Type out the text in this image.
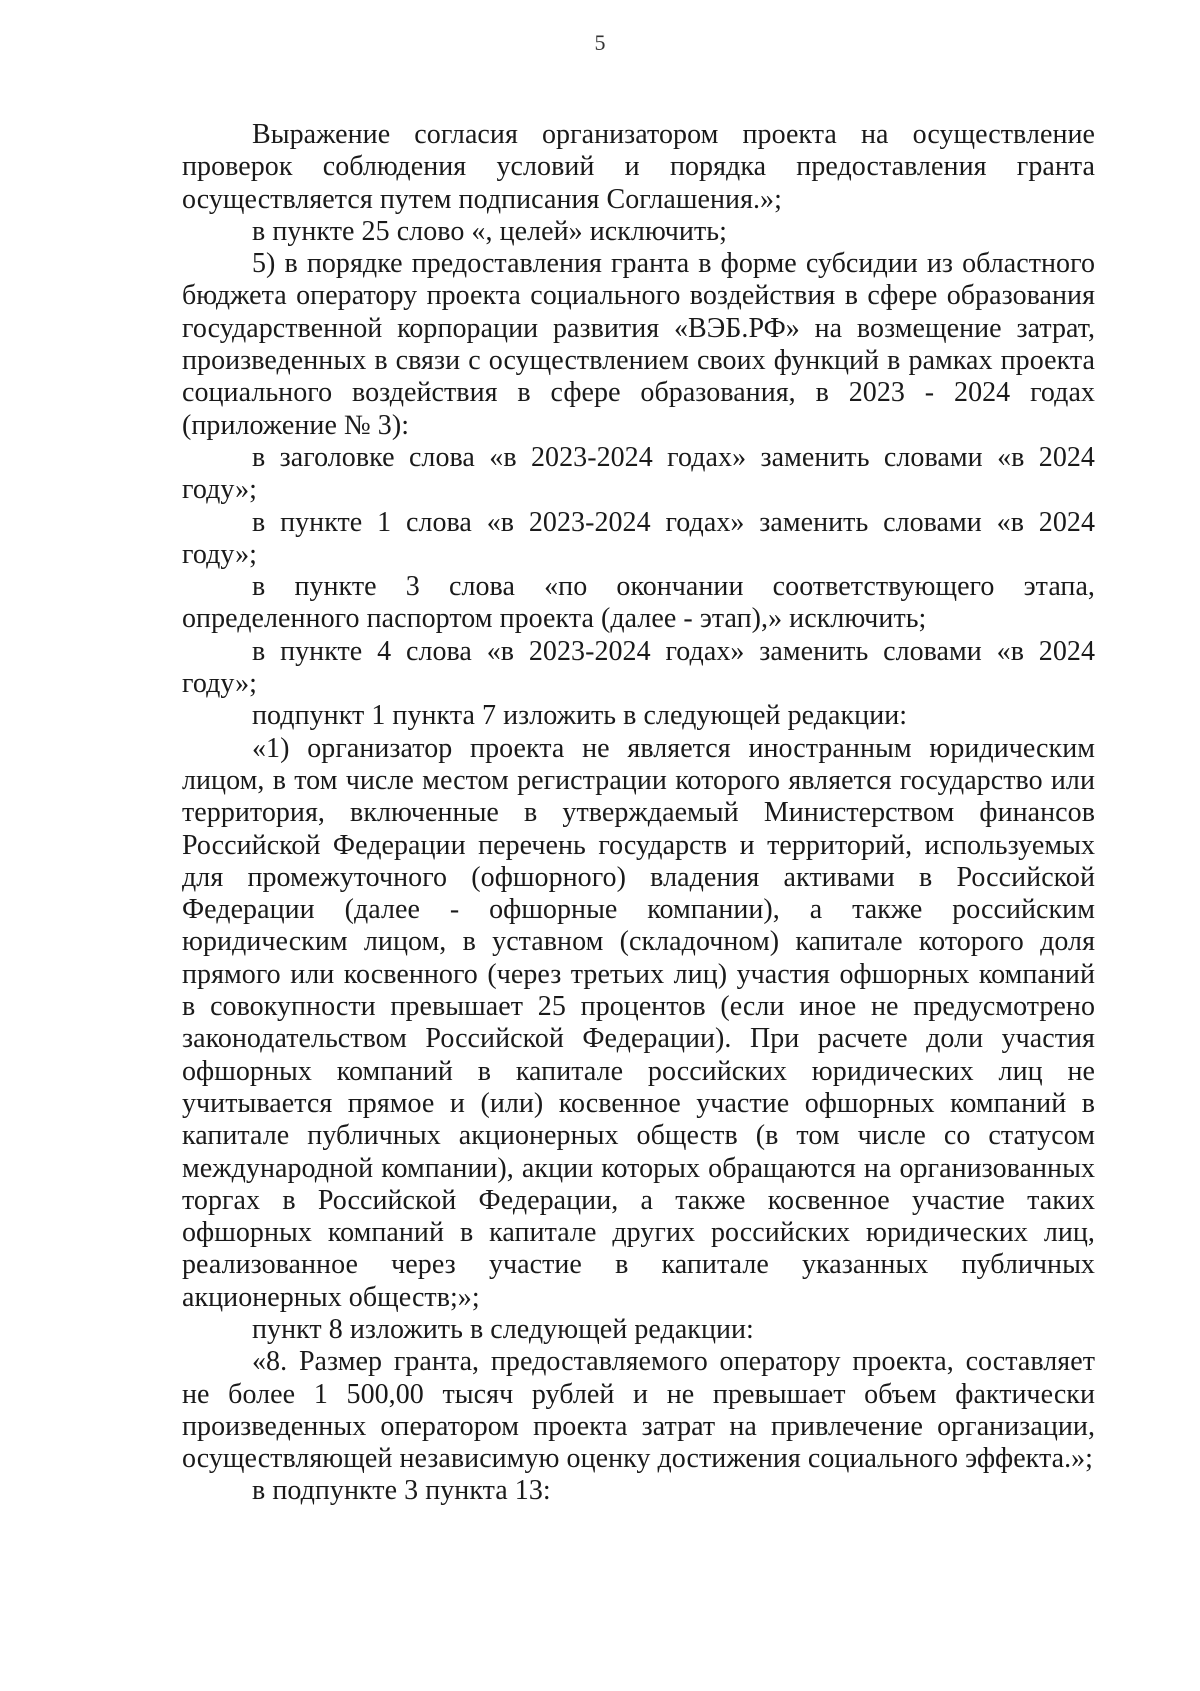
5

Выражение согласия организатором проекта на осуществление проверок соблюдения условий и порядка предоставления гранта осуществляется путем подписания Соглашения.»;

в пункте 25 слово «, целей» исключить;

5) в порядке предоставления гранта в форме субсидии из областного бюджета оператору проекта социального воздействия в сфере образования государственной корпорации развития «ВЭБ.РФ» на возмещение затрат, произведенных в связи с осуществлением своих функций в рамках проекта социального воздействия в сфере образования, в 2023 - 2024 годах (приложение № 3):

в заголовке слова «в 2023-2024 годах» заменить словами «в 2024 году»;

в пункте 1 слова «в 2023-2024 годах» заменить словами «в 2024 году»;

в пункте 3 слова «по окончании соответствующего этапа, определенного паспортом проекта (далее - этап),» исключить;

в пункте 4 слова «в 2023-2024 годах» заменить словами «в 2024 году»;

подпункт 1 пункта 7 изложить в следующей редакции:

«1) организатор проекта не является иностранным юридическим лицом, в том числе местом регистрации которого является государство или территория, включенные в утверждаемый Министерством финансов Российской Федерации перечень государств и территорий, используемых для промежуточного (офшорного) владения активами в Российской Федерации (далее - офшорные компании), а также российским юридическим лицом, в уставном (складочном) капитале которого доля прямого или косвенного (через третьих лиц) участия офшорных компаний в совокупности превышает 25 процентов (если иное не предусмотрено законодательством Российской Федерации). При расчете доли участия офшорных компаний в капитале российских юридических лиц не учитывается прямое и (или) косвенное участие офшорных компаний в капитале публичных акционерных обществ (в том числе со статусом международной компании), акции которых обращаются на организованных торгах в Российской Федерации, а также косвенное участие таких офшорных компаний в капитале других российских юридических лиц, реализованное через участие в капитале указанных публичных акционерных обществ;»;

пункт 8 изложить в следующей редакции:

«8. Размер гранта, предоставляемого оператору проекта, составляет не более 1 500,00 тысяч рублей и не превышает объем фактически произведенных оператором проекта затрат на привлечение организации, осуществляющей независимую оценку достижения социального эффекта.»;

в подпункте 3 пункта 13:
